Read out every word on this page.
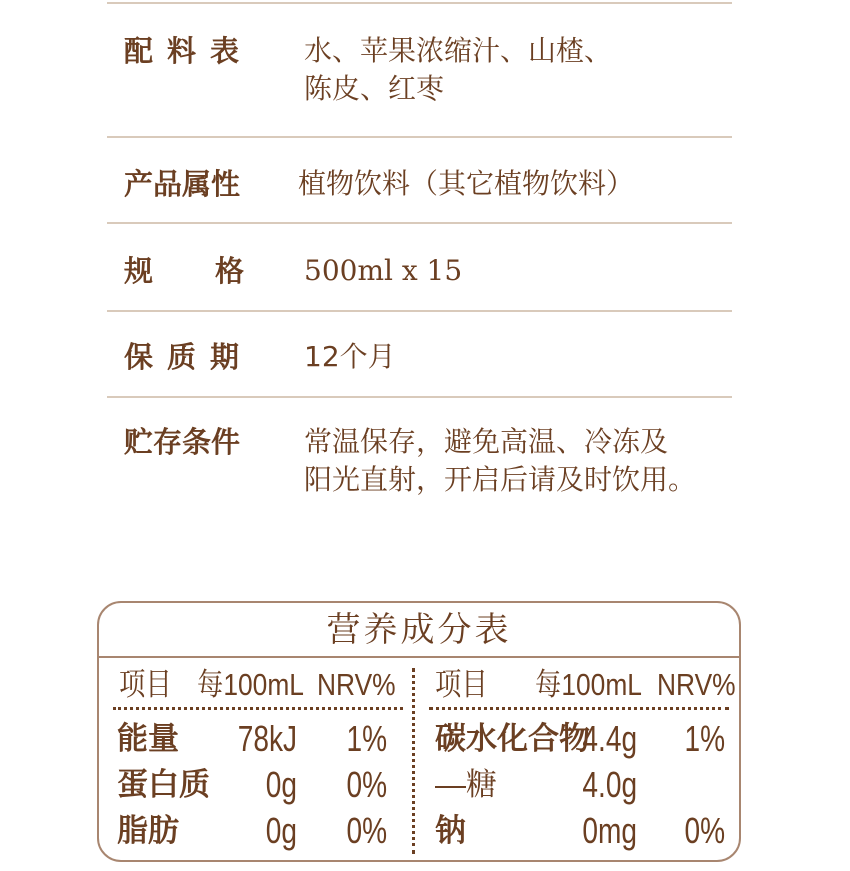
配料表 水、苹果浓缩汁、山楂、
陈皮、红枣
产品属性 植物饮料（其它植物饮料）
规格
500ml x 15
保质期 12个月
贮存条件 常温保存，避免高温、冷冻及
阳光直射，开启后请及时饮用。
营养成分表
项目 每100mL NRV% 项目 每100mL NRV%
能量 78kJ 1%
蛋白质 0g 0%
脂肪 0g 0%
碳水化合物
4.4g 1%
—糖 4.0g
钠	0mg 0%
